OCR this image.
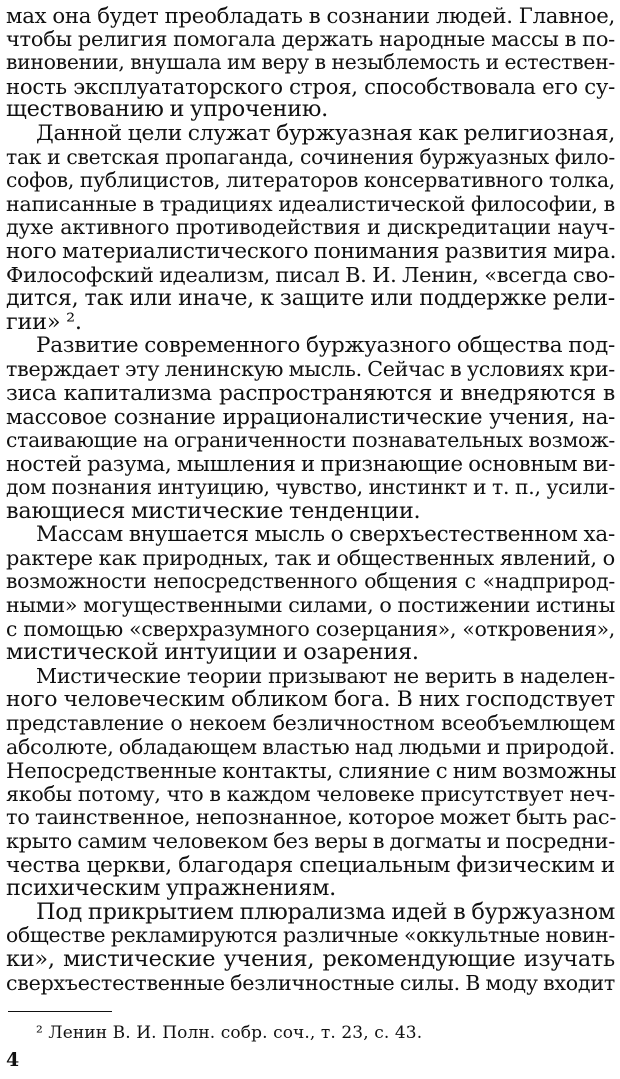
мах она будет преобладать в сознании людей. Главное,
чтобы религия помогала держать народные массы в по-
виновении, внушала им веру в незыблемость и естествен-
ность эксплуататорского строя, способствовала его су-
ществованию и упрочению.
Данной цели служат буржуазная как религиозная,
так и светская пропаганда, сочинения буржуазных фило-
софов, публицистов, литераторов консервативного толка,
написанные в традициях идеалистической философии, в
духе активного противодействия и дискредитации науч-
ного материалистического понимания развития мира.
Философский идеализм, писал В. И. Ленин, «всегда сво-
дится, так или иначе, к защите или поддержке рели-
гии» ².
Развитие современного буржуазного общества под-
тверждает эту ленинскую мысль. Сейчас в условиях кри-
зиса капитализма распространяются и внедряются в
массовое сознание иррационалистические учения, на-
стаивающие на ограниченности познавательных возмож-
ностей разума, мышления и признающие основным ви-
дом познания интуицию, чувство, инстинкт и т. п., усили-
вающиеся мистические тенденции.
Массам внушается мысль о сверхъестественном ха-
рактере как природных, так и общественных явлений, о
возможности непосредственного общения с «надприрод-
ными» могущественными силами, о постижении истины
с помощью «сверхразумного созерцания», «откровения»,
мистической интуиции и озарения.
Мистические теории призывают не верить в наделен-
ного человеческим обликом бога. В них господствует
представление о некоем безличностном всеобъемлющем
абсолюте, обладающем властью над людьми и природой.
Непосредственные контакты, слияние с ним возможны
якобы потому, что в каждом человеке присутствует неч-
то таинственное, непознанное, которое может быть рас-
крыто самим человеком без веры в догматы и посредни-
чества церкви, благодаря специальным физическим и
психическим упражнениям.
Под прикрытием плюрализма идей в буржуазном
обществе рекламируются различные «оккультные новин-
ки», мистические учения, рекомендующие изучать
сверхъестественные безличностные силы. В моду входит
² Ленин В. И. Полн. собр. соч., т. 23, с. 43.
4
